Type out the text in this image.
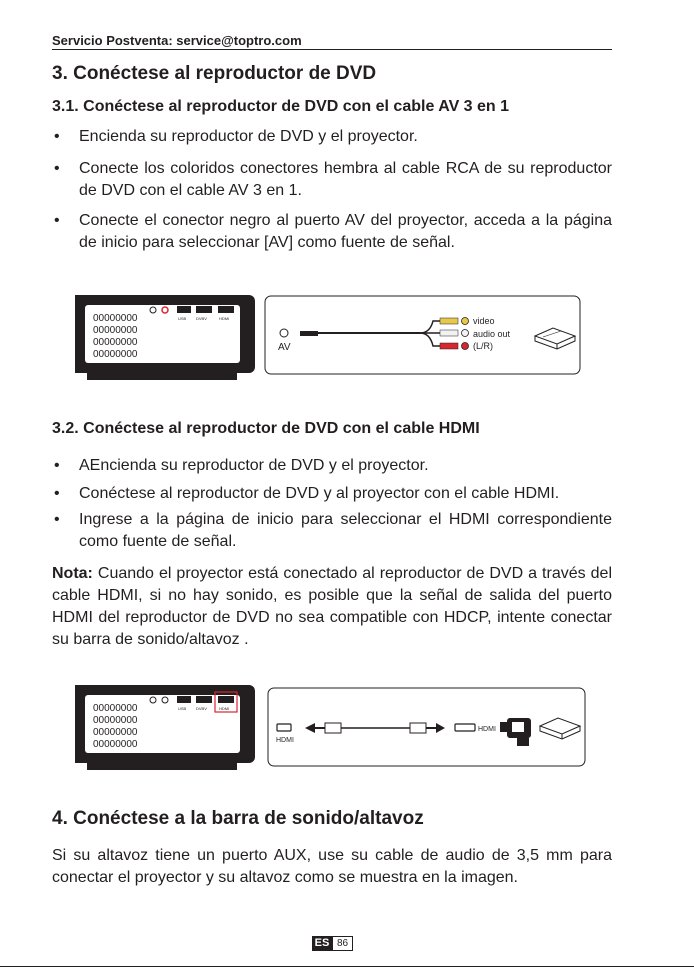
Servicio Postventa: service@toptro.com
3. Conéctese al reproductor de DVD
3.1. Conéctese al reproductor de DVD con el cable AV 3 en 1
• Encienda su reproductor de DVD y el proyector.
• Conecte los coloridos conectores hembra al cable RCA de su reproductor de DVD con el cable AV 3 en 1.
• Conecte el conector negro al puerto AV del proyector, acceda a la página de inicio para seleccionar [AV] como fuente de señal.
00000000
00000000
00000000
00000000
USB DVBV	HDMI
AV
video
audio out
(L/R)
3.2. Conéctese al reproductor de DVD con el cable HDMI
• AEncienda su reproductor de DVD y el proyector.
• Conéctese al reproductor de DVD y al proyector con el cable HDMI.
• Ingrese a la página de inicio para seleccionar el HDMI correspondiente como fuente de señal.
Nota: Cuando el proyector está conectado al reproductor de DVD a través del cable HDMI, si no hay sonido, es posible que la señal de salida del puerto HDMI del reproductor de DVD no sea compatible con HDCP, intente conectar su barra de sonido/altavoz .
00000000
00000000
00000000
00000000
USB DVBV	HDMI
HDMI
HDMI
4. Conéctese a la barra de sonido/altavoz
Si su altavoz tiene un puerto AUX, use su cable de audio de 3,5 mm para conectar el proyector y su altavoz como se muestra en la imagen.
ES 86
